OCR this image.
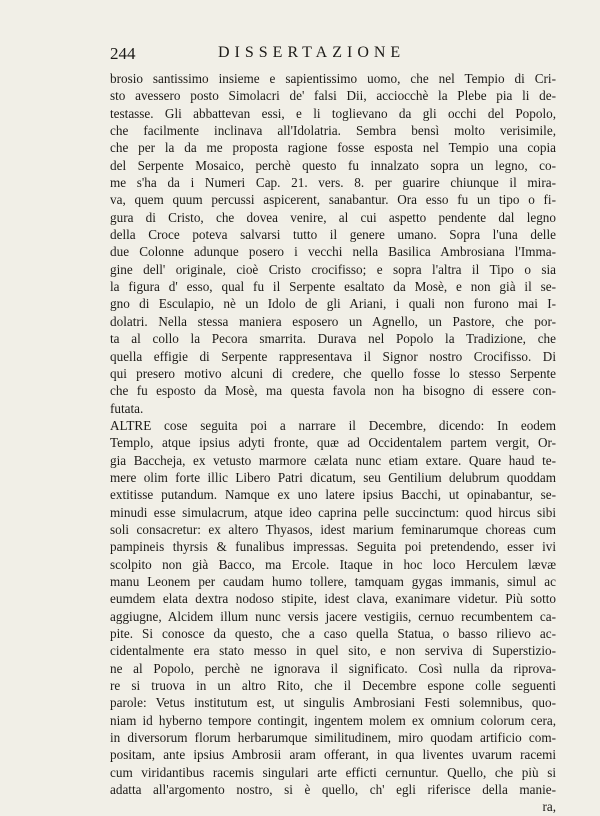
244	DISSERTAZIONE
brosio santissimo insieme e sapientissimo uomo, che nel Tempio di Cri-
sto avessero posto Simolacri de' falsi Dii, acciocchè la Plebe pia li de-
testasse. Gli abbattevan essi, e li toglievano da gli occhi del Popolo,
che facilmente inclinava all'Idolatria. Sembra bensì molto verisimile,
che per la da me proposta ragione fosse esposta nel Tempio una copia
del Serpente Mosaico, perchè questo fu innalzato sopra un legno, co-
me s'ha da i Numeri Cap. 21. vers. 8. per guarire chiunque il mira-
va, quem quum percussi aspicerent, sanabantur. Ora esso fu un tipo o fi-
gura di Cristo, che dovea venire, al cui aspetto pendente dal legno
della Croce poteva salvarsi tutto il genere umano. Sopra l'una delle
due Colonne adunque posero i vecchi nella Basilica Ambrosiana l'Imma-
gine dell' originale, cioè Cristo crocifisso; e sopra l'altra il Tipo o sia
la figura d' esso, qual fu il Serpente esaltato da Mosè, e non già il se-
gno di Esculapio, nè un Idolo de gli Ariani, i quali non furono mai I-
dolatri. Nella stessa maniera esposero un Agnello, un Pastore, che por-
ta al collo la Pecora smarrita. Durava nel Popolo la Tradizione, che
quella effigie di Serpente rappresentava il Signor nostro Crocifisso. Di
qui presero motivo alcuni di credere, che quello fosse lo stesso Serpente
che fu esposto da Mosè, ma questa favola non ha bisogno di essere con-
futata.
ALTRE cose seguita poi a narrare il Decembre, dicendo: In eodem
Templo, atque ipsius adyti fronte, quæ ad Occidentalem partem vergit, Or-
gia Baccheja, ex vetusto marmore cælata nunc etiam extare. Quare haud te-
mere olim forte illic Libero Patri dicatum, seu Gentilium delubrum quoddam
extitisse putandum. Namque ex uno latere ipsius Bacchi, ut opinabantur, se-
minudi esse simulacrum, atque ideo caprina pelle succinctum: quod hircus sibi
soli consacretur: ex altero Thyasos, idest marium feminarumque choreas cum
pampineis thyrsis & funalibus impressas. Seguita poi pretendendo, esser ivi
scolpito non già Bacco, ma Ercole. Itaque in hoc loco Herculem lævæ
manu Leonem per caudam humo tollere, tamquam gygas immanis, simul ac
eumdem elata dextra nodoso stipite, idest clava, exanimare videtur. Più sotto
aggiugne, Alcidem illum nunc versis jacere vestigiis, cernuo recumbentem ca-
pite. Si conosce da questo, che a caso quella Statua, o basso rilievo ac-
cidentalmente era stato messo in quel sito, e non serviva di Superstizio-
ne al Popolo, perchè ne ignorava il significato. Così nulla da riprova-
re si truova in un altro Rito, che il Decembre espone colle seguenti
parole: Vetus institutum est, ut singulis Ambrosiani Festi solemnibus, quo-
niam id hyberno tempore contingit, ingentem molem ex omnium colorum cera,
in diversorum florum herbarumque similitudinem, miro quodam artificio com-
positam, ante ipsius Ambrosii aram offerant, in qua liventes uvarum racemi
cum viridantibus racemis singulari arte efficti cernuntur. Quello, che più si
adatta all'argomento nostro, si è quello, ch' egli riferisce della manie-
ra,
